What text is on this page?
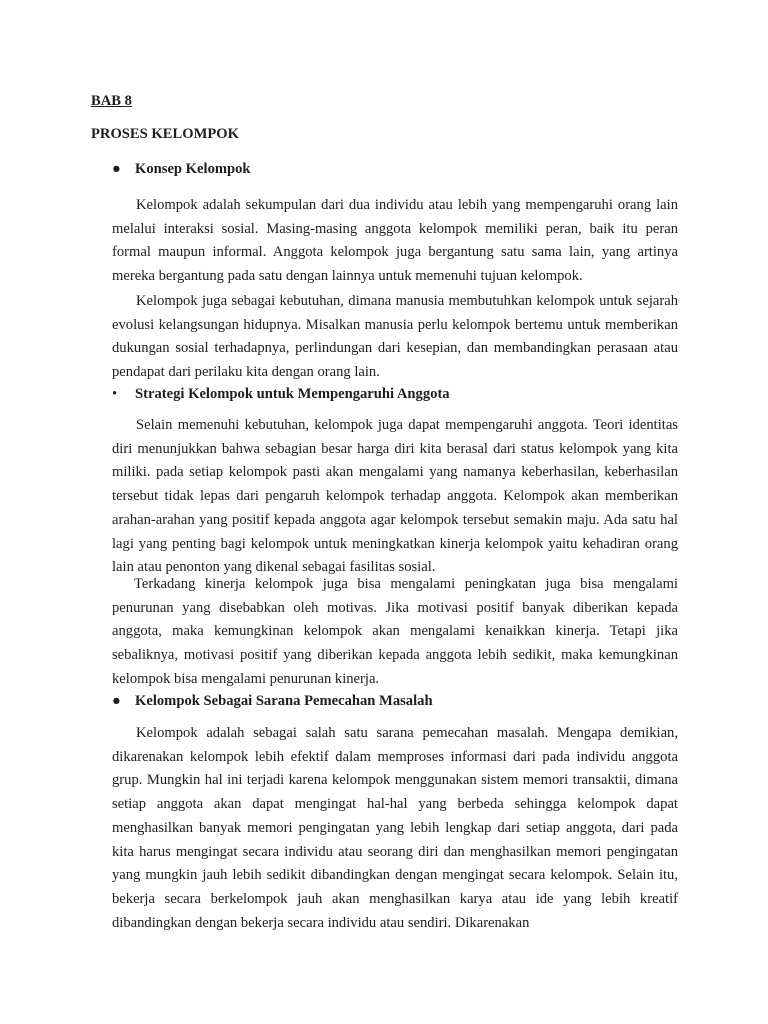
BAB 8
PROSES KELOMPOK
● Konsep Kelompok

Kelompok adalah sekumpulan dari dua individu atau lebih yang mempengaruhi orang lain melalui interaksi sosial. Masing-masing anggota kelompok memiliki peran, baik itu peran formal maupun informal. Anggota kelompok juga bergantung satu sama lain, yang artinya mereka bergantung pada satu dengan lainnya untuk memenuhi tujuan kelompok.

Kelompok juga sebagai kebutuhan, dimana manusia membutuhkan kelompok untuk sejarah evolusi kelangsungan hidupnya. Misalkan manusia perlu kelompok bertemu untuk memberikan dukungan sosial terhadapnya, perlindungan dari kesepian, dan membandingkan perasaan atau pendapat dari perilaku kita dengan orang lain.

• Strategi Kelompok untuk Mempengaruhi Anggota

Selain memenuhi kebutuhan, kelompok juga dapat mempengaruhi anggota. Teori identitas diri menunjukkan bahwa sebagian besar harga diri kita berasal dari status kelompok yang kita miliki. pada setiap kelompok pasti akan mengalami yang namanya keberhasilan, keberhasilan tersebut tidak lepas dari pengaruh kelompok terhadap anggota. Kelompok akan memberikan arahan-arahan yang positif kepada anggota agar kelompok tersebut semakin maju. Ada satu hal lagi yang penting bagi kelompok untuk meningkatkan kinerja kelompok yaitu kehadiran orang lain atau penonton yang dikenal sebagai fasilitas sosial.

Terkadang kinerja kelompok juga bisa mengalami peningkatan juga bisa mengalami penurunan yang disebabkan oleh motivas. Jika motivasi positif banyak diberikan kepada anggota, maka kemungkinan kelompok akan mengalami kenaikkan kinerja. Tetapi jika sebaliknya, motivasi positif yang diberikan kepada anggota lebih sedikit, maka kemungkinan kelompok bisa mengalami penurunan kinerja.

● Kelompok Sebagai Sarana Pemecahan Masalah

Kelompok adalah sebagai salah satu sarana pemecahan masalah. Mengapa demikian, dikarenakan kelompok lebih efektif dalam memproses informasi dari pada individu anggota grup. Mungkin hal ini terjadi karena kelompok menggunakan sistem memori transaktii, dimana setiap anggota akan dapat mengingat hal-hal yang berbeda sehingga kelompok dapat menghasilkan banyak memori pengingatan yang lebih lengkap dari setiap anggota, dari pada kita harus mengingat secara individu atau seorang diri dan menghasilkan memori pengingatan yang mungkin jauh lebih sedikit dibandingkan dengan mengingat secara kelompok. Selain itu, bekerja secara berkelompok jauh akan menghasilkan karya atau ide yang lebih kreatif dibandingkan dengan bekerja secara individu atau sendiri. Dikarenakan
